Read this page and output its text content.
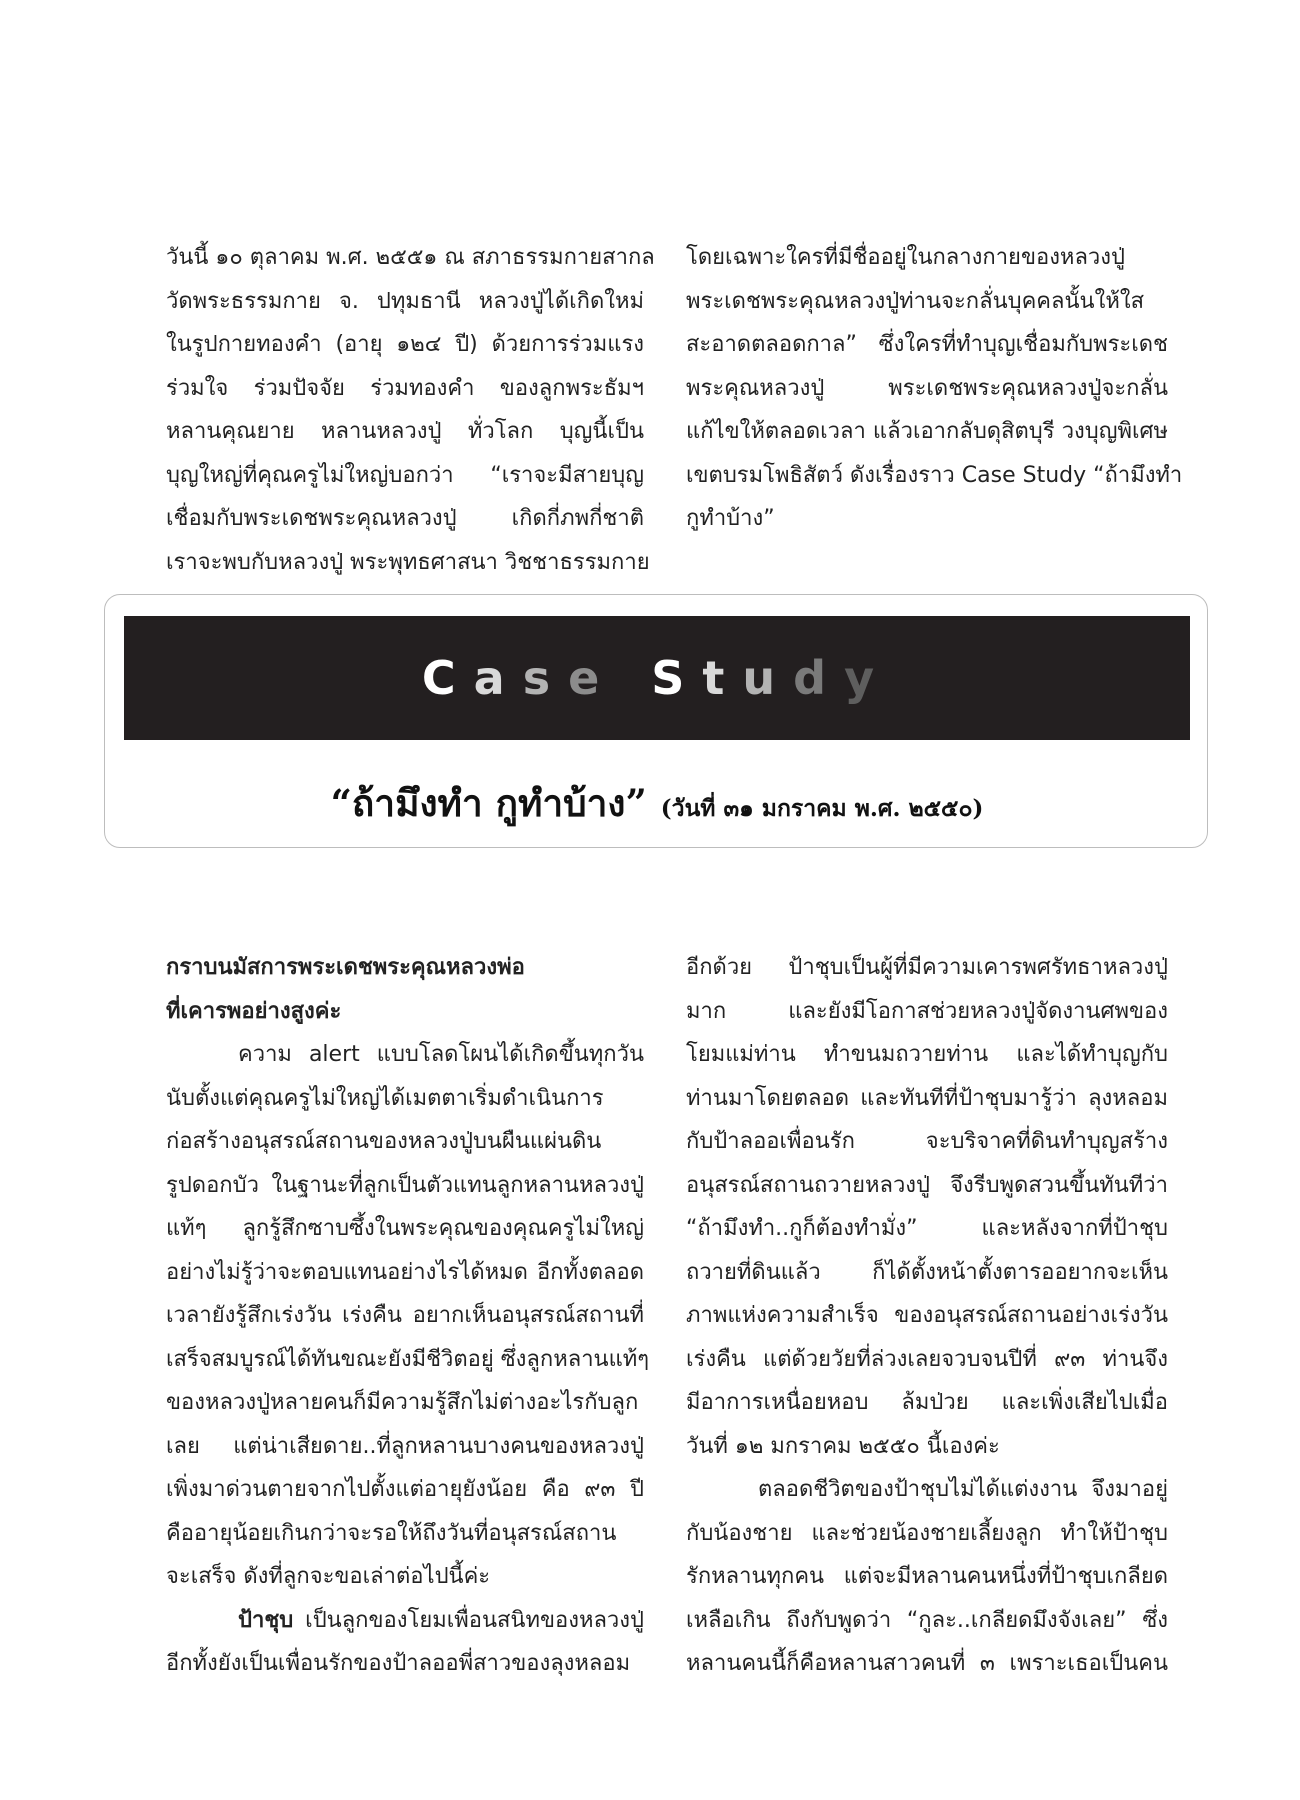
วันนี้ ๑๐ ตุลาคม พ.ศ. ๒๕๕๑ ณ สภาธรรมกายสากล
วัดพระธรรมกาย จ. ปทุมธานี หลวงปู่ได้เกิดใหม่
ในรูปกายทองคำ (อายุ ๑๒๔ ปี) ด้วยการร่วมแรง
ร่วมใจ ร่วมปัจจัย ร่วมทองคำ ของลูกพระธัมฯ
หลานคุณยาย หลานหลวงปู่ ทั่วโลก บุญนี้เป็น
บุญใหญ่ที่คุณครูไม่ใหญ่บอกว่า “เราจะมีสายบุญ
เชื่อมกับพระเดชพระคุณหลวงปู่ เกิดกี่ภพกี่ชาติ
เราจะพบกับหลวงปู่ พระพุทธศาสนา วิชชาธรรมกาย
โดยเฉพาะใครที่มีชื่ออยู่ในกลางกายของหลวงปู่
พระเดชพระคุณหลวงปู่ท่านจะกลั่นบุคคลนั้นให้ใส
สะอาดตลอดกาล” ซึ่งใครที่ทำบุญเชื่อมกับพระเดช
พระคุณหลวงปู่ พระเดชพระคุณหลวงปู่จะกลั่น
แก้ไขให้ตลอดเวลา แล้วเอากลับดุสิตบุรี วงบุญพิเศษ
เขตบรมโพธิสัตว์ ดังเรื่องราว Case Study “ถ้ามึงทำ
กูทำบ้าง”
Case Study
“ถ้ามึงทำ กูทำบ้าง” (วันที่ ๓๑ มกราคม พ.ศ. ๒๕๕๐)
กราบนมัสการพระเดชพระคุณหลวงพ่อ
ที่เคารพอย่างสูงค่ะ
ความ alert แบบโลดโผนได้เกิดขึ้นทุกวัน
นับตั้งแต่คุณครูไม่ใหญ่ได้เมตตาเริ่มดำเนินการ
ก่อสร้างอนุสรณ์สถานของหลวงปู่บนผืนแผ่นดิน
รูปดอกบัว ในฐานะที่ลูกเป็นตัวแทนลูกหลานหลวงปู่
แท้ๆ ลูกรู้สึกซาบซึ้งในพระคุณของคุณครูไม่ใหญ่
อย่างไม่รู้ว่าจะตอบแทนอย่างไรได้หมด อีกทั้งตลอด
เวลายังรู้สึกเร่งวัน เร่งคืน อยากเห็นอนุสรณ์สถานที่
เสร็จสมบูรณ์ได้ทันขณะยังมีชีวิตอยู่ ซึ่งลูกหลานแท้ๆ
ของหลวงปู่หลายคนก็มีความรู้สึกไม่ต่างอะไรกับลูก
เลย แต่น่าเสียดาย..ที่ลูกหลานบางคนของหลวงปู่
เพิ่งมาด่วนตายจากไปตั้งแต่อายุยังน้อย คือ ๙๓ ปี
คืออายุน้อยเกินกว่าจะรอให้ถึงวันที่อนุสรณ์สถาน
จะเสร็จ ดังที่ลูกจะขอเล่าต่อไปนี้ค่ะ
ป้าชุบ เป็นลูกของโยมเพื่อนสนิทของหลวงปู่
อีกทั้งยังเป็นเพื่อนรักของป้าลออพี่สาวของลุงหลอม
อีกด้วย ป้าชุบเป็นผู้ที่มีความเคารพศรัทธาหลวงปู่
มาก และยังมีโอกาสช่วยหลวงปู่จัดงานศพของ
โยมแม่ท่าน ทำขนมถวายท่าน และได้ทำบุญกับ
ท่านมาโดยตลอด และทันทีที่ป้าชุบมารู้ว่า ลุงหลอม
กับป้าลออเพื่อนรัก จะบริจาคที่ดินทำบุญสร้าง
อนุสรณ์สถานถวายหลวงปู่ จึงรีบพูดสวนขึ้นทันทีว่า
“ถ้ามึงทำ..กูก็ต้องทำมั่ง” และหลังจากที่ป้าชุบ
ถวายที่ดินแล้ว ก็ได้ตั้งหน้าตั้งตารออยากจะเห็น
ภาพแห่งความสำเร็จ ของอนุสรณ์สถานอย่างเร่งวัน
เร่งคืน แต่ด้วยวัยที่ล่วงเลยจวบจนปีที่ ๙๓ ท่านจึง
มีอาการเหนื่อยหอบ ล้มป่วย และเพิ่งเสียไปเมื่อ
วันที่ ๑๒ มกราคม ๒๕๕๐ นี้เองค่ะ
ตลอดชีวิตของป้าชุบไม่ได้แต่งงาน จึงมาอยู่
กับน้องชาย และช่วยน้องชายเลี้ยงลูก ทำให้ป้าชุบ
รักหลานทุกคน แต่จะมีหลานคนหนึ่งที่ป้าชุบเกลียด
เหลือเกิน ถึงกับพูดว่า “กูละ..เกลียดมึงจังเลย” ซึ่ง
หลานคนนี้ก็คือหลานสาวคนที่ ๓ เพราะเธอเป็นคน
